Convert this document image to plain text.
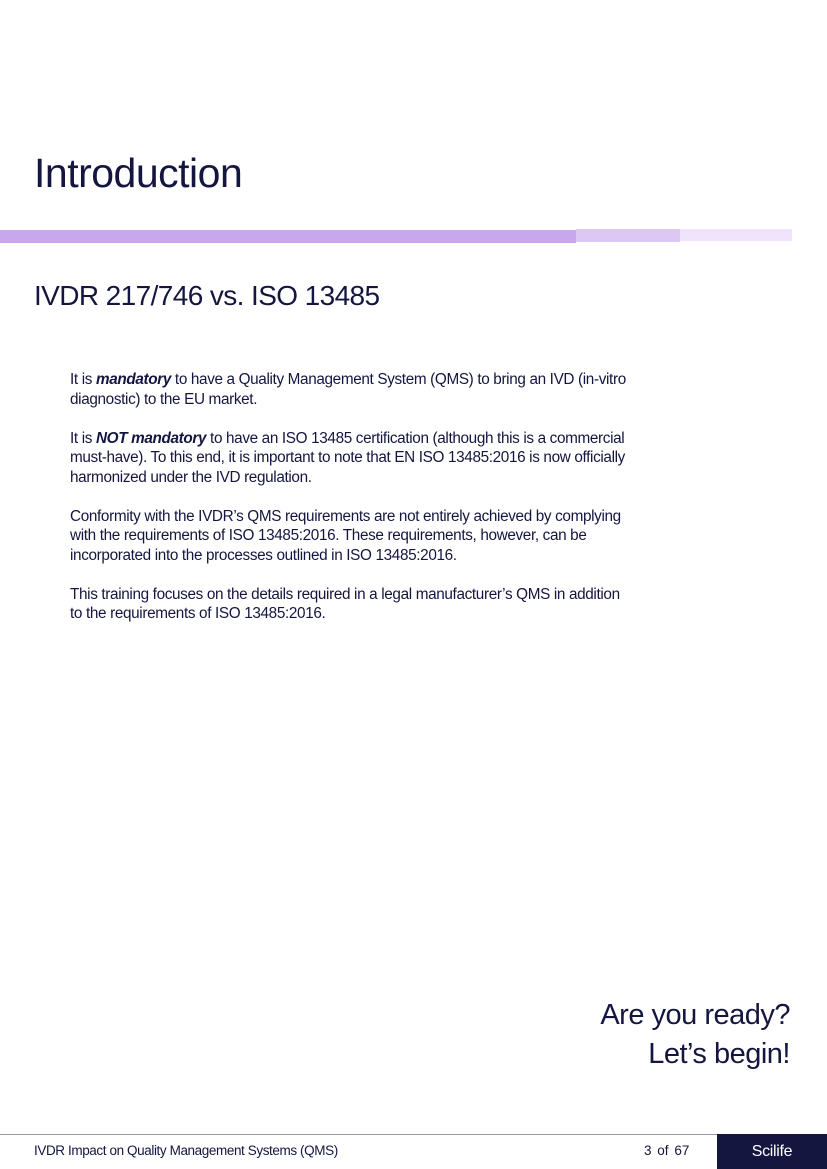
Introduction
IVDR 217/746 vs. ISO 13485

It is mandatory to have a Quality Management System (QMS) to bring an IVD (in-vitro diagnostic) to the EU market.

It is NOT mandatory to have an ISO 13485 certification (although this is a commercial must-have). To this end, it is important to note that EN ISO 13485:2016 is now officially harmonized under the IVD regulation.

Conformity with the IVDR’s QMS requirements are not entirely achieved by complying with the requirements of ISO 13485:2016. These requirements, however, can be incorporated into the processes outlined in ISO 13485:2016.

This training focuses on the details required in a legal manufacturer’s QMS in addition to the requirements of ISO 13485:2016.

Are you ready?
Let’s begin!
IVDR Impact on Quality Management Systems (QMS)	3 of 67	Scilife
